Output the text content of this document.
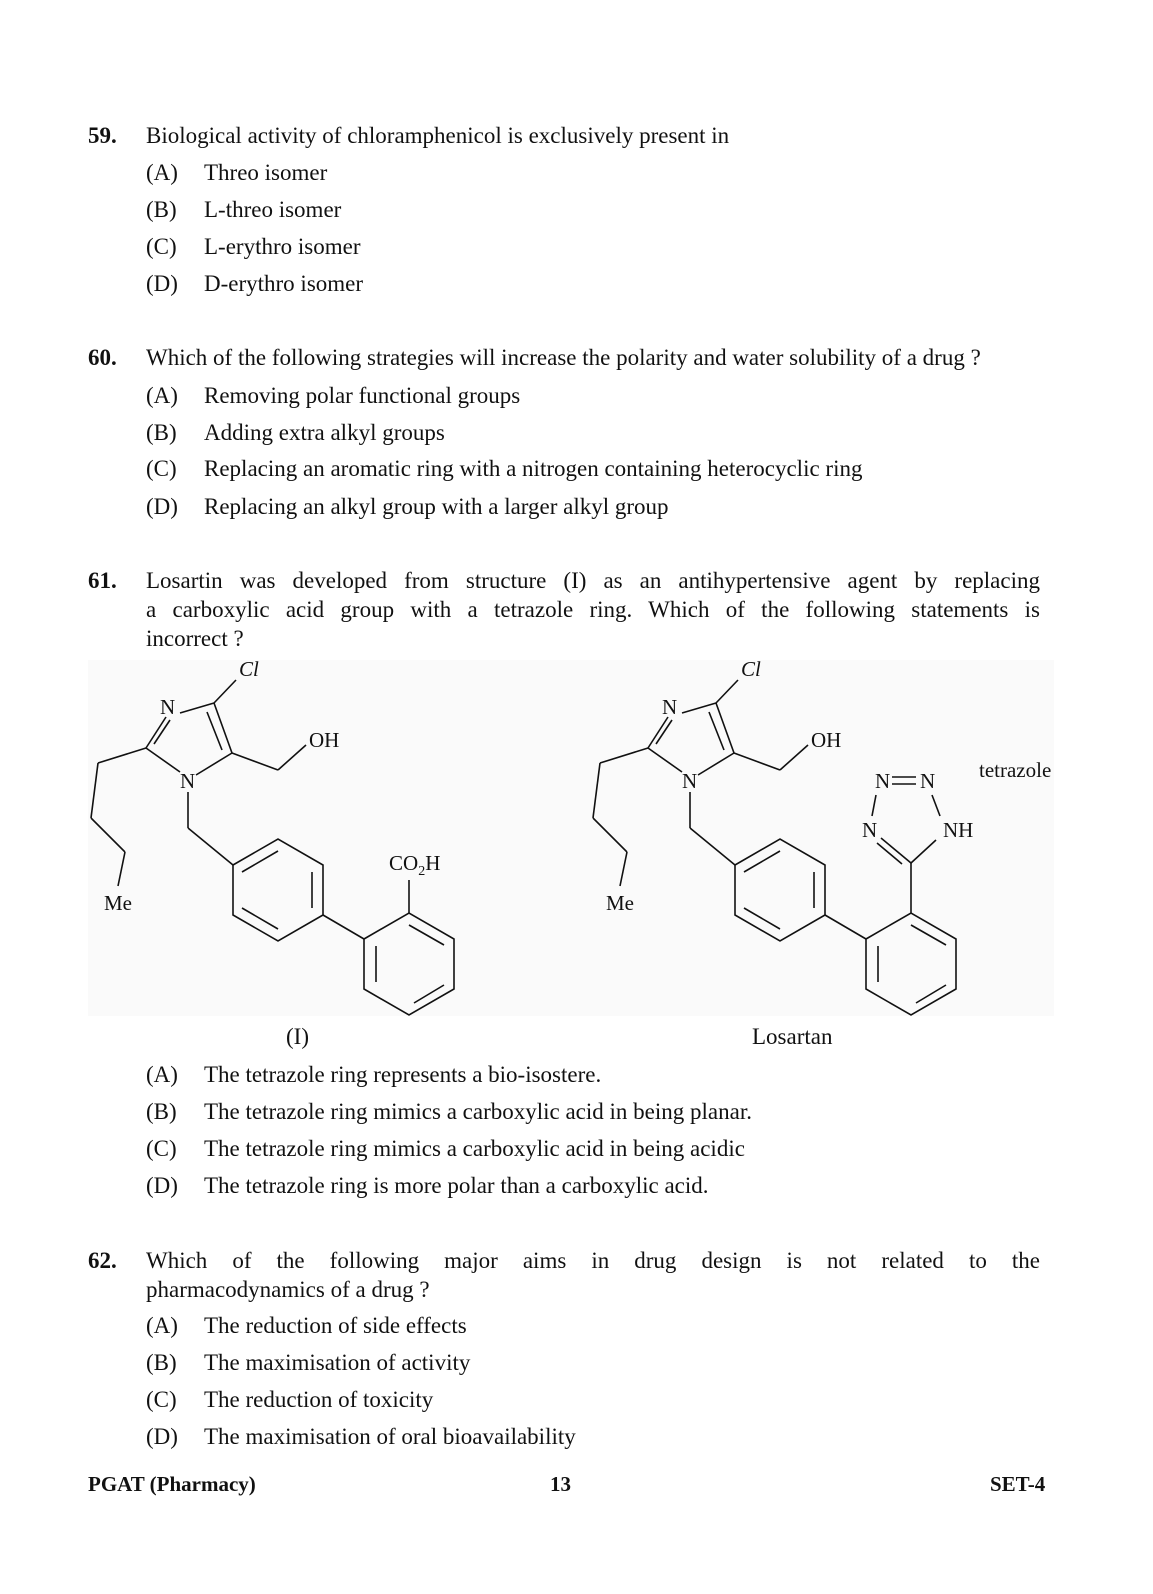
59. Biological activity of chloramphenicol is exclusively present in
(A) Threo isomer
(B) L-threo isomer
(C) L-erythro isomer
(D) D-erythro isomer
60. Which of the following strategies will increase the polarity and water solubility of a drug ?
(A) Removing polar functional groups
(B) Adding extra alkyl groups
(C) Replacing an aromatic ring with a nitrogen containing heterocyclic ring
(D) Replacing an alkyl group with a larger alkyl group
61. Losartin was developed from structure (I) as an antihypertensive agent by replacing
a carboxylic acid group with a tetrazole ring. Which of the following statements is
incorrect ?
Cl
N
N
OH
Me
$CO_2H$
Cl
N
N
OH
Me
N N
N	NH
tetrazole
(I)	Losartan
(A) The tetrazole ring represents a bio-isostere.
(B) The tetrazole ring mimics a carboxylic acid in being planar.
(C) The tetrazole ring mimics a carboxylic acid in being acidic
(D) The tetrazole ring is more polar than a carboxylic acid.
62. Which of the following major aims in drug design is not related to the
pharmacodynamics of a drug ?
(A) The reduction of side effects
(B) The maximisation of activity
(C) The reduction of toxicity
(D) The maximisation of oral bioavailability
PGAT (Pharmacy)	13	SET-4
